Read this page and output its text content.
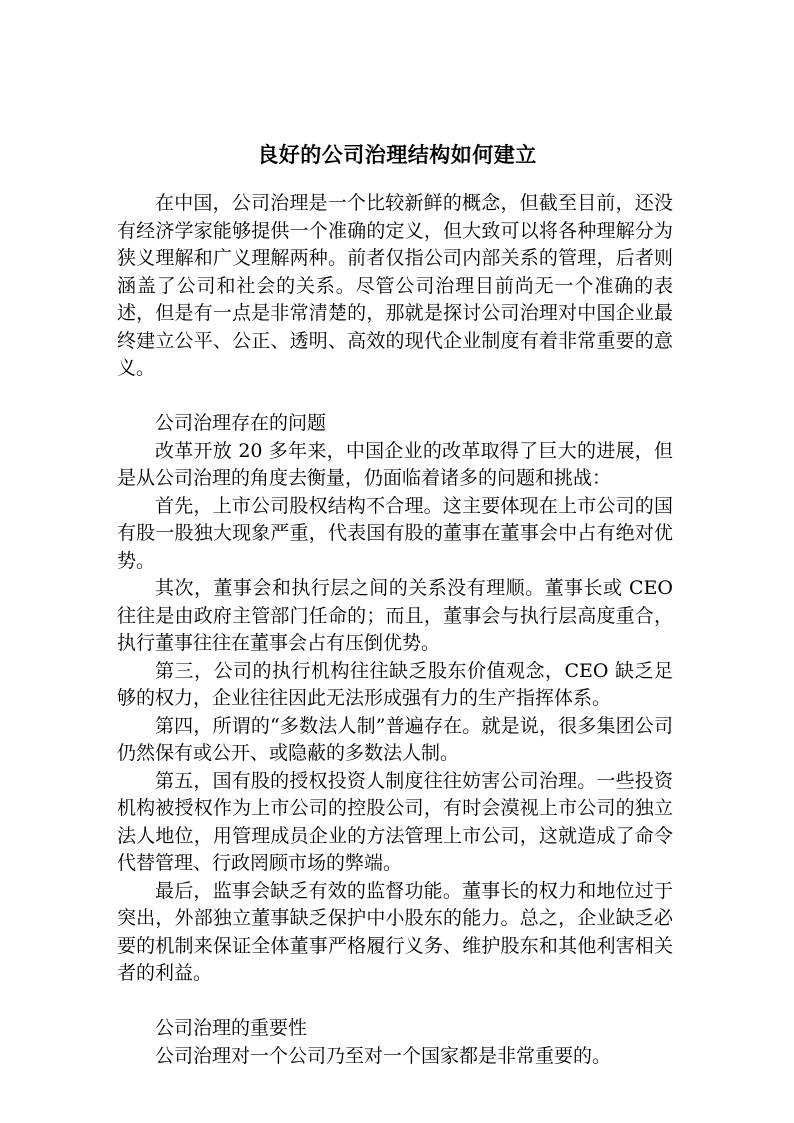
良好的公司治理结构如何建立

在中国，公司治理是一个比较新鲜的概念，但截至目前，还没有经济学家能够提供一个准确的定义，但大致可以将各种理解分为狭义理解和广义理解两种。前者仅指公司内部关系的管理，后者则涵盖了公司和社会的关系。尽管公司治理目前尚无一个准确的表述，但是有一点是非常清楚的，那就是探讨公司治理对中国企业最终建立公平、公正、透明、高效的现代企业制度有着非常重要的意义。

公司治理存在的问题

改革开放 20 多年来，中国企业的改革取得了巨大的进展，但是从公司治理的角度去衡量，仍面临着诸多的问题和挑战：

首先，上市公司股权结构不合理。这主要体现在上市公司的国有股一股独大现象严重，代表国有股的董事在董事会中占有绝对优势。

其次，董事会和执行层之间的关系没有理顺。董事长或 CEO 往往是由政府主管部门任命的；而且，董事会与执行层高度重合，执行董事往往在董事会占有压倒优势。

第三，公司的执行机构往往缺乏股东价值观念，CEO 缺乏足够的权力，企业往往因此无法形成强有力的生产指挥体系。

第四，所谓的“多数法人制”普遍存在。就是说，很多集团公司仍然保有或公开、或隐蔽的多数法人制。

第五，国有股的授权投资人制度往往妨害公司治理。一些投资机构被授权作为上市公司的控股公司，有时会漠视上市公司的独立法人地位，用管理成员企业的方法管理上市公司，这就造成了命令代替管理、行政罔顾市场的弊端。

最后，监事会缺乏有效的监督功能。董事长的权力和地位过于突出，外部独立董事缺乏保护中小股东的能力。总之，企业缺乏必要的机制来保证全体董事严格履行义务、维护股东和其他利害相关者的利益。

公司治理的重要性

公司治理对一个公司乃至对一个国家都是非常重要的。
